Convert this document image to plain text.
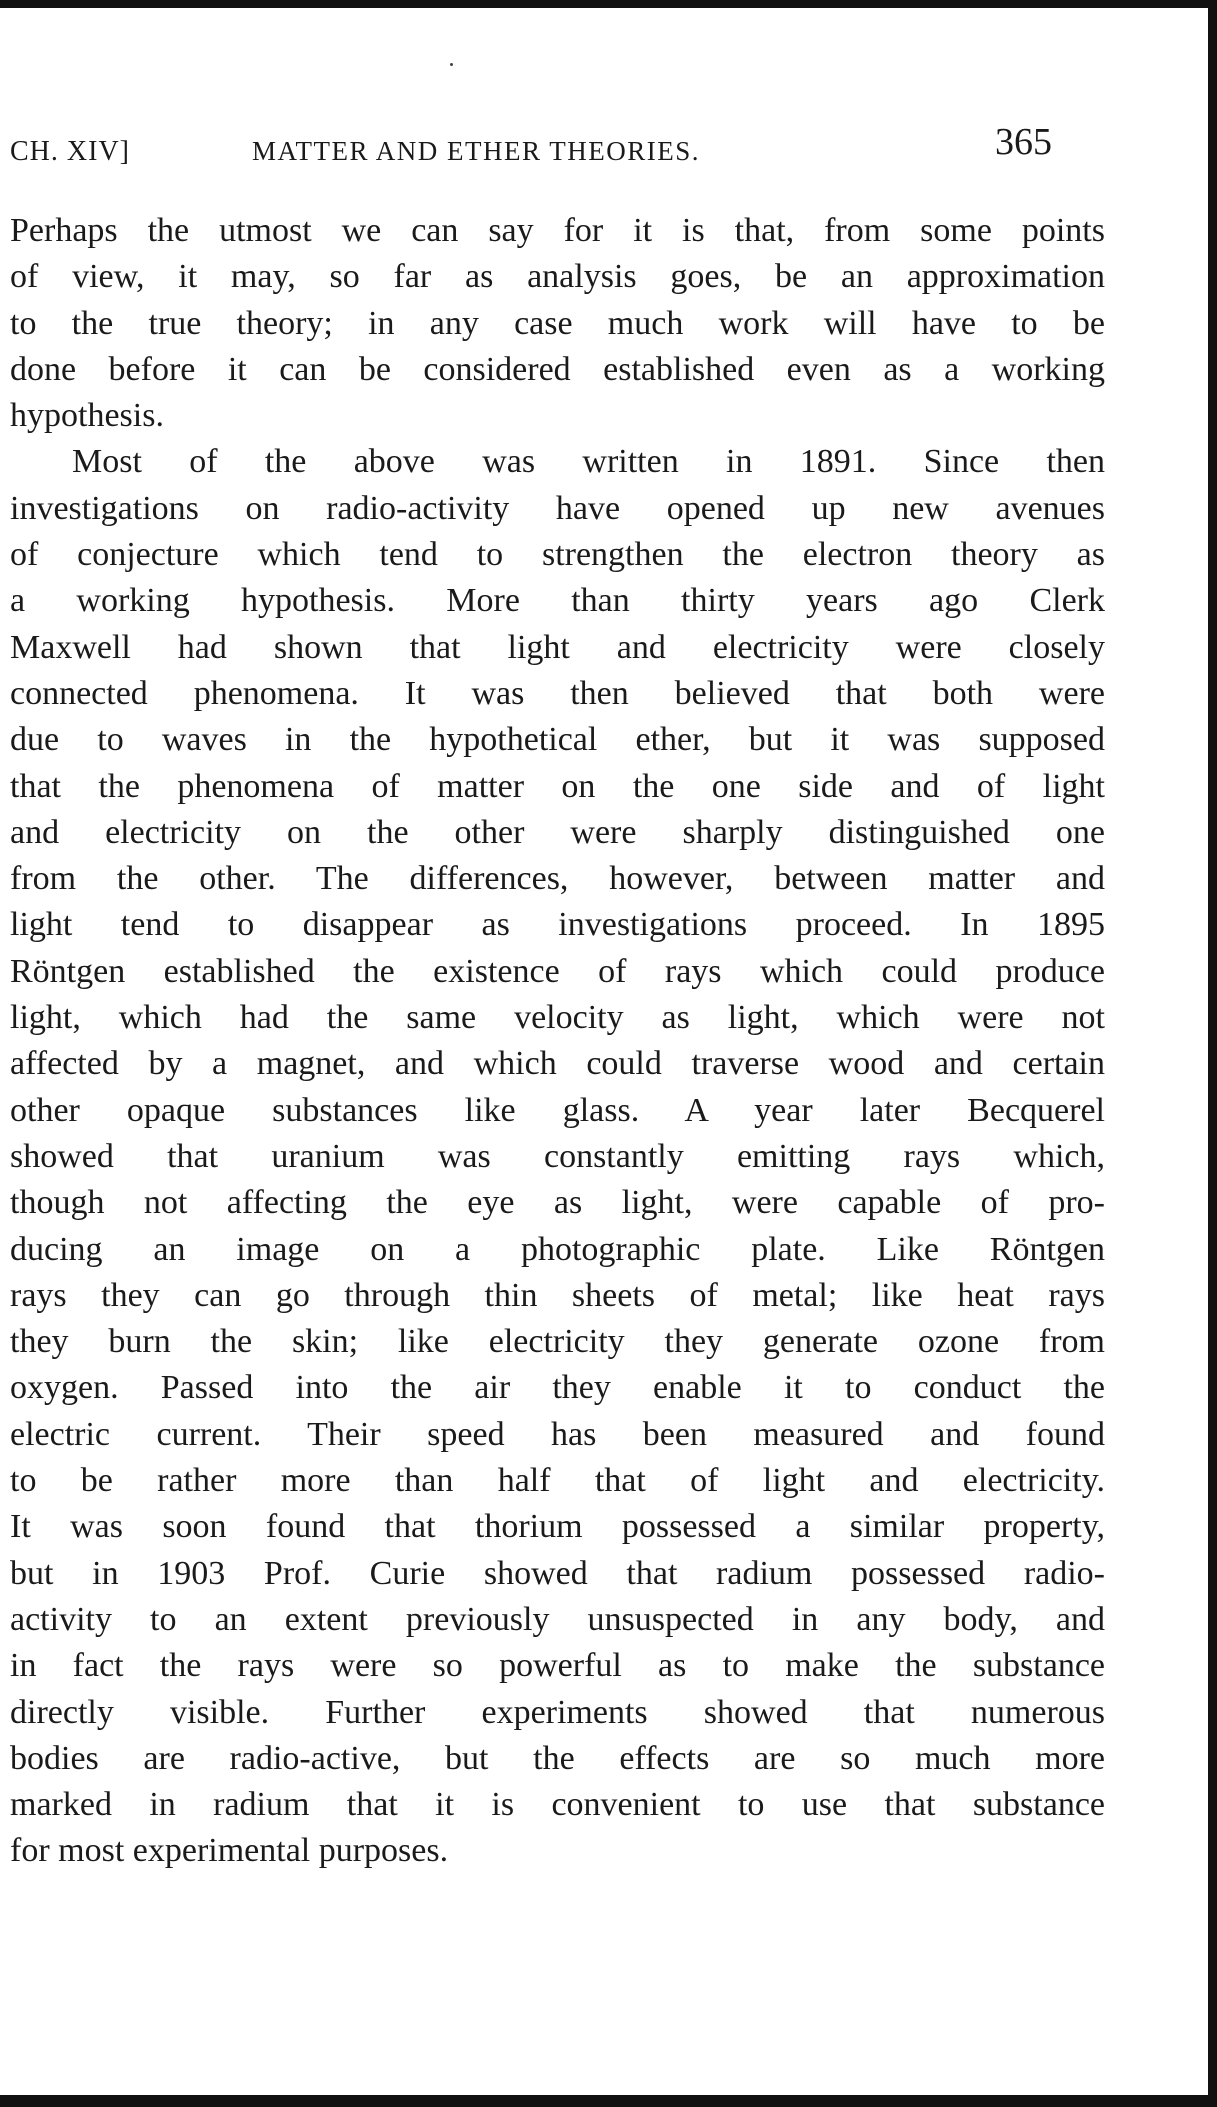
CH. XIV]	MATTER AND ETHER THEORIES.	365
Perhaps the utmost we can say for it is that, from some points
of view, it may, so far as analysis goes, be an approximation
to the true theory; in any case much work will have to be
done before it can be considered established even as a working
hypothesis.
Most of the above was written in 1891. Since then
investigations on radio-activity have opened up new avenues
of conjecture which tend to strengthen the electron theory as
a working hypothesis. More than thirty years ago Clerk
Maxwell had shown that light and electricity were closely
connected phenomena. It was then believed that both were
due to waves in the hypothetical ether, but it was supposed
that the phenomena of matter on the one side and of light
and electricity on the other were sharply distinguished one
from the other. The differences, however, between matter and
light tend to disappear as investigations proceed. In 1895
Röntgen established the existence of rays which could produce
light, which had the same velocity as light, which were not
affected by a magnet, and which could traverse wood and certain
other opaque substances like glass. A year later Becquerel
showed that uranium was constantly emitting rays which,
though not affecting the eye as light, were capable of pro-
ducing an image on a photographic plate. Like Röntgen
rays they can go through thin sheets of metal; like heat rays
they burn the skin; like electricity they generate ozone from
oxygen. Passed into the air they enable it to conduct the
electric current. Their speed has been measured and found
to be rather more than half that of light and electricity.
It was soon found that thorium possessed a similar property,
but in 1903 Prof. Curie showed that radium possessed radio-
activity to an extent previously unsuspected in any body, and
in fact the rays were so powerful as to make the substance
directly visible. Further experiments showed that numerous
bodies are radio-active, but the effects are so much more
marked in radium that it is convenient to use that substance
for most experimental purposes.
